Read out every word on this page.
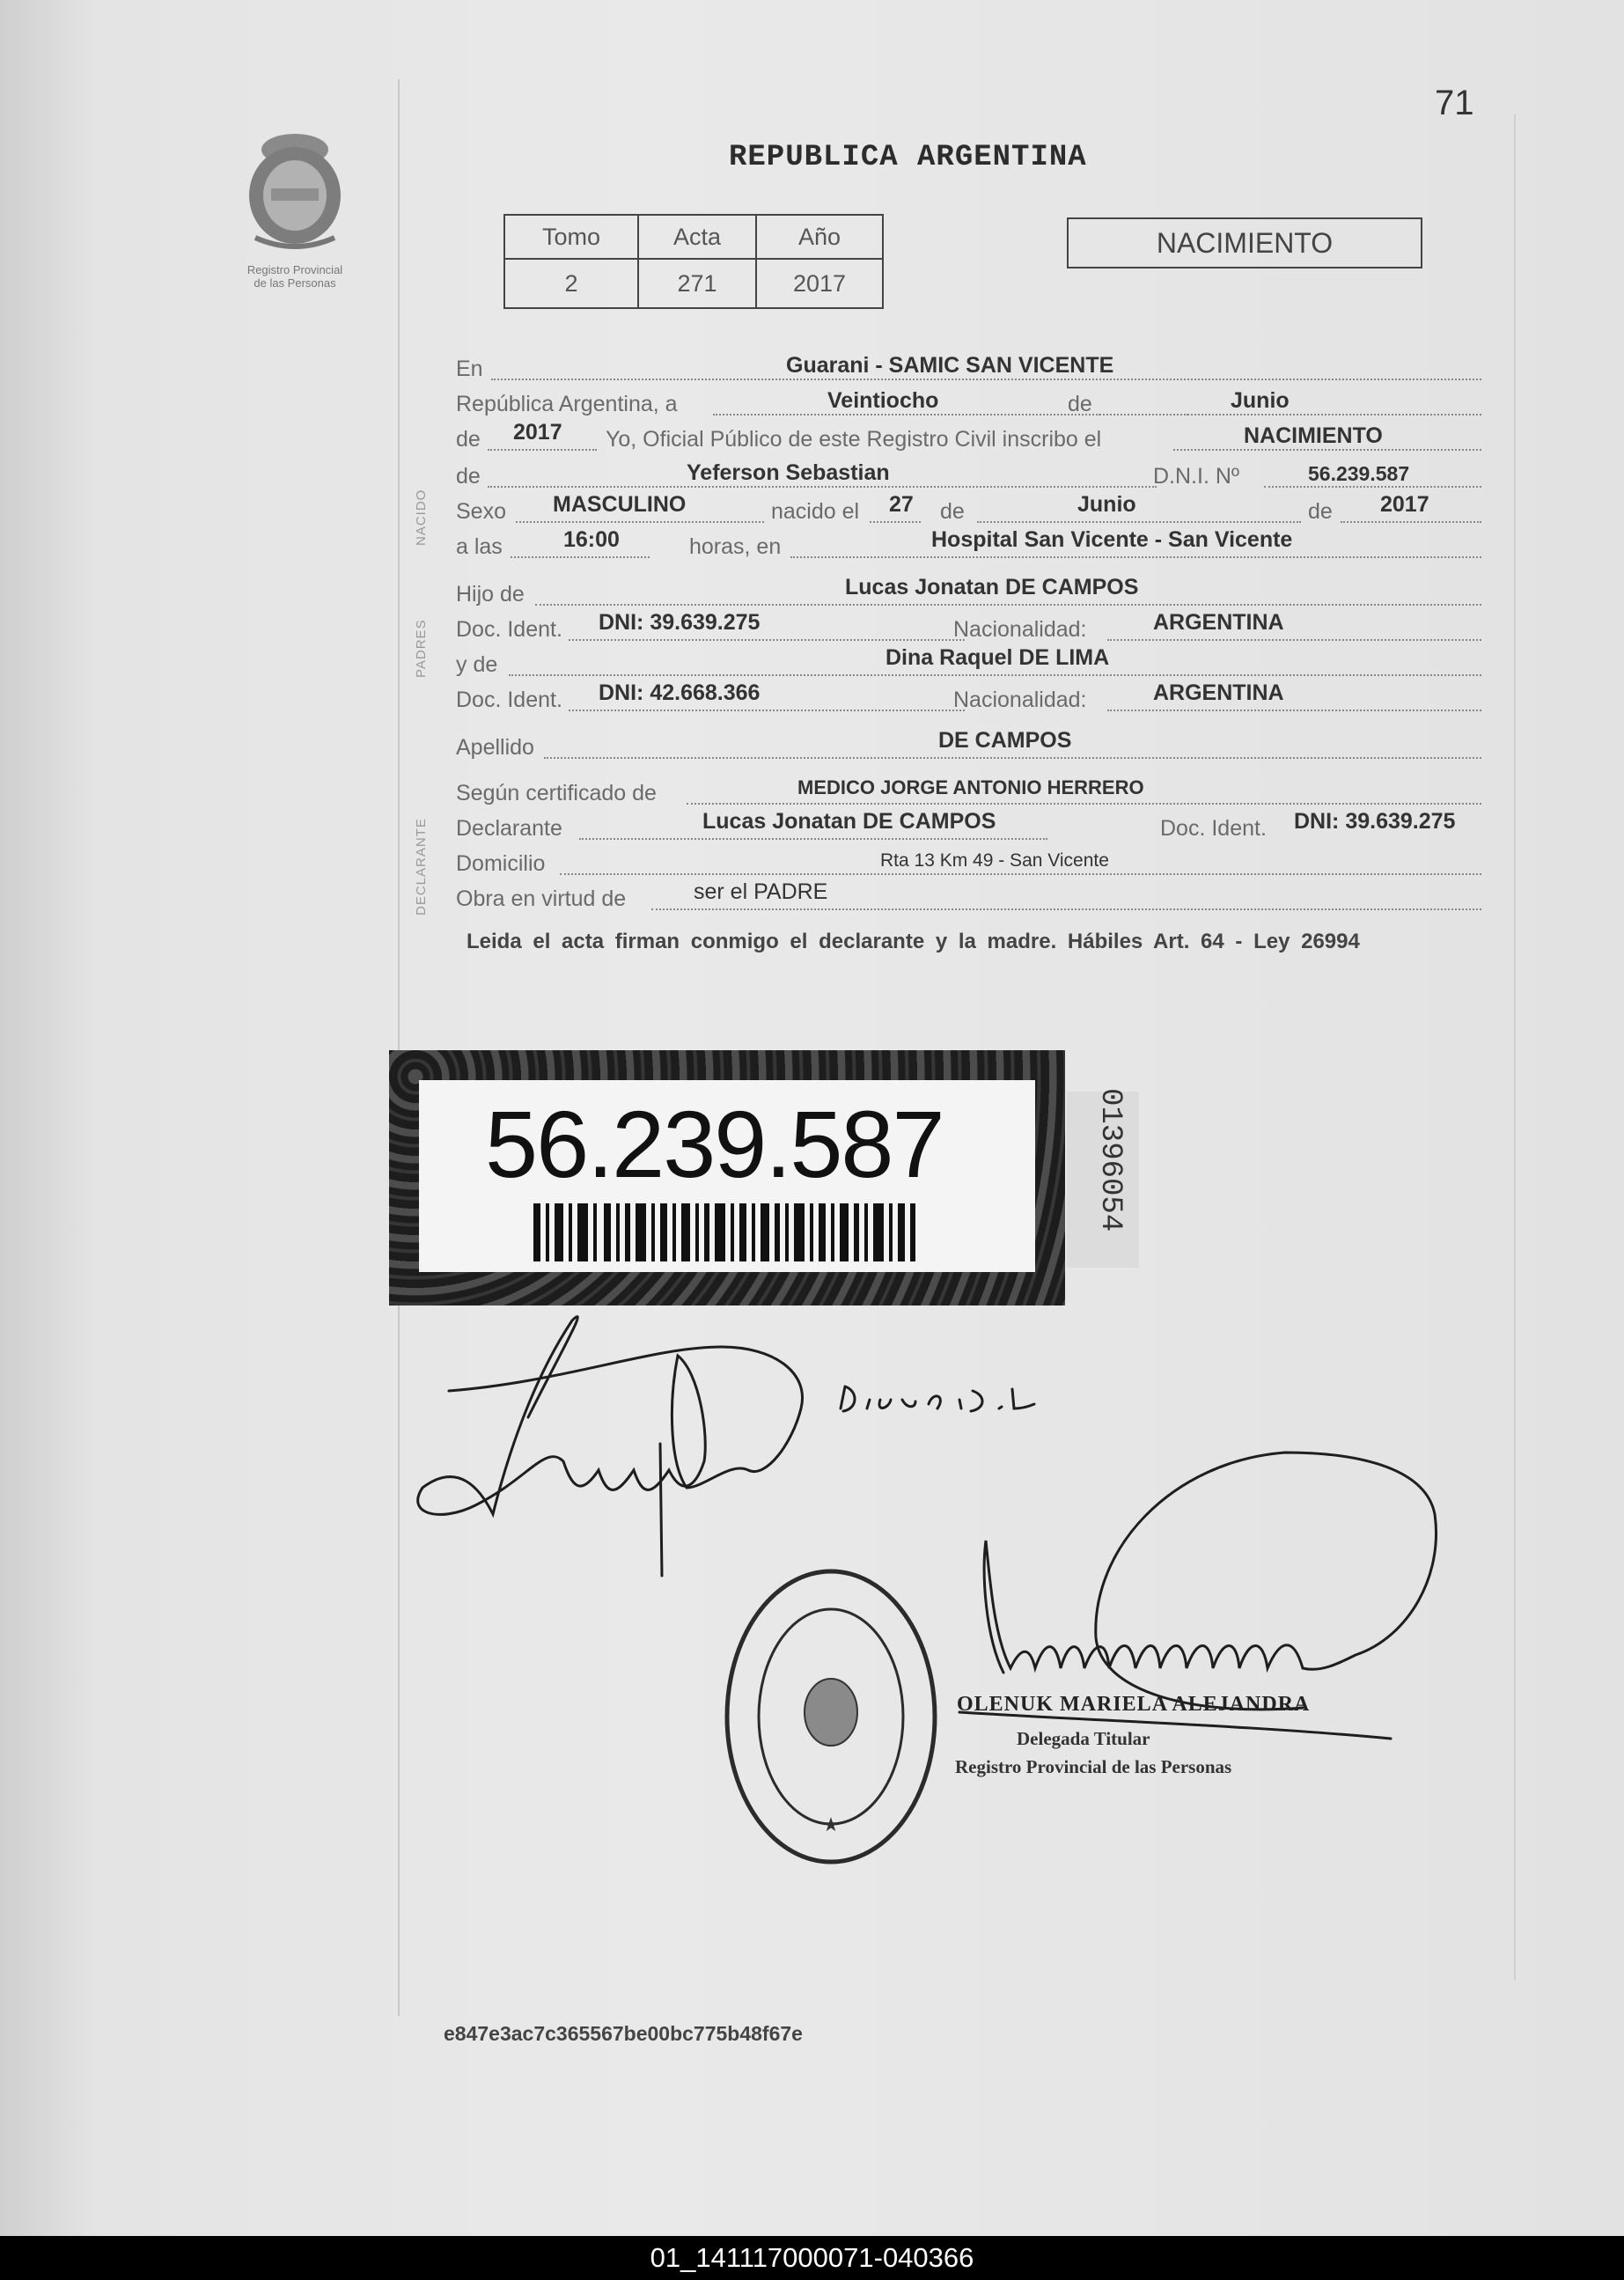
71
Registro Provincial
de las Personas
REPUBLICA ARGENTINA
Tomo	Acta	Año
2	271	2017
NACIMIENTO
NACIDO
PADRES
DECLARANTE
En	Guarani - SAMIC SAN VICENTE
República Argentina, a	Veintiocho	de	Junio
de 2017 Yo, Oficial Público de este Registro Civil inscribo el	NACIMIENTO
de	Yeferson Sebastian	D.N.I. Nº	56.239.587
Sexo MASCULINO	nacido el 27 de	Junio	de 2017
a las	16:00	horas, en	Hospital San Vicente - San Vicente
Hijo de	Lucas Jonatan DE CAMPOS
Doc. Ident. DNI: 39.639.275	Nacionalidad:	ARGENTINA
y de	Dina Raquel DE LIMA
Doc. Ident. DNI: 42.668.366	Nacionalidad:	ARGENTINA
Apellido	DE CAMPOS
Según certificado de	MEDICO JORGE ANTONIO HERRERO
Declarante	Lucas Jonatan DE CAMPOS	Doc. Ident. DNI: 39.639.275
Domicilio	Rta 13 Km 49 - San Vicente
Obra en virtud de	ser el PADRE
Leida el acta firman conmigo el declarante y la madre. Hábiles Art. 64 - Ley 26994
56.239.587	01396054
★
OLENUK MARIELA ALEJANDRA
Delegada Titular
Registro Provincial de las Personas
e847e3ac7c365567be00bc775b48f67e
01_141117000071-040366
